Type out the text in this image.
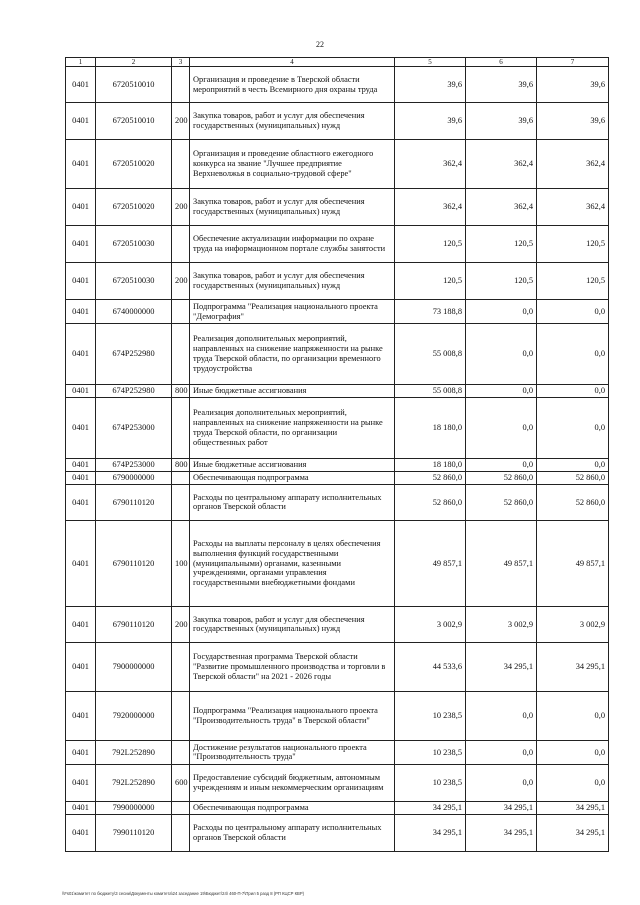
22
1	2	3	4	5	6	7
0401	6720510010		Организация и проведение в Тверской области мероприятий в честь Всемирного дня охраны труда	39,6	39,6	39,6
0401	6720510010	200	Закупка товаров, работ и услуг для обеспечения государственных (муниципальных) нужд	39,6	39,6	39,6
0401	6720510020		Организация и проведение областного ежегодного конкурса на звание "Лучшее предприятие Верхневолжья в социально-трудовой сфере"	362,4	362,4	362,4
0401	6720510020	200	Закупка товаров, работ и услуг для обеспечения государственных (муниципальных) нужд	362,4	362,4	362,4
0401	6720510030		Обеспечение актуализации информации по охране труда на информационном портале службы занятости	120,5	120,5	120,5
0401	6720510030	200	Закупка товаров, работ и услуг для обеспечения государственных (муниципальных) нужд	120,5	120,5	120,5
0401	6740000000		Подпрограмма "Реализация национального проекта "Демография"	73 188,8	0,0	0,0
0401	674P252980		Реализация дополнительных мероприятий, направленных на снижение напряженности на рынке труда Тверской области, по организации временного трудоустройства	55 008,8	0,0	0,0
0401	674P252980	800	Иные бюджетные ассигнования	55 008,8	0,0	0,0
0401	674P253000		Реализация дополнительных мероприятий, направленных на снижение напряженности на рынке труда Тверской области, по организации общественных работ	18 180,0	0,0	0,0
0401	674P253000	800	Иные бюджетные ассигнования	18 180,0	0,0	0,0
0401	6790000000		Обеспечивающая подпрограмма	52 860,0	52 860,0	52 860,0
0401	6790110120		Расходы по центральному аппарату исполнительных органов Тверской области	52 860,0	52 860,0	52 860,0
0401	6790110120	100	Расходы на выплаты персоналу в целях обеспечения выполнения функций государственными (муниципальными) органами, казенными учреждениями, органами управления государственными внебюджетными фондами	49 857,1	49 857,1	49 857,1
0401	6790110120	200	Закупка товаров, работ и услуг для обеспечения государственных (муниципальных) нужд	3 002,9	3 002,9	3 002,9
0401	7900000000		Государственная программа Тверской области "Развитие промышленного производства и торговли в Тверской области" на 2021 - 2026 годы	44 533,6	34 295,1	34 295,1
0401	7920000000		Подпрограмма "Реализация национального проекта "Производительность труда" в Тверской области"	10 238,5	0,0	0,0
0401	792L252890		Достижение результатов национального проекта "Производительность труда"	10 238,5	0,0	0,0
0401	792L252890	600	Предоставление субсидий бюджетным, автономным учреждениям и иным некоммерческим организациям	10 238,5	0,0	0,0
0401	7990000000		Обеспечивающая подпрограмма	34 295,1	34 295,1	34 295,1
0401	7990110120		Расходы по центральному аппарату исполнительных органов Тверской области	34 295,1	34 295,1	34 295,1
\\Fs01\комитет по бюджету\3 сесии\Документы комитета\24 заседание 19\Бюджет\24\ 460-П-7\Прил 5 разд 8 (РП КЦСР КВР)
